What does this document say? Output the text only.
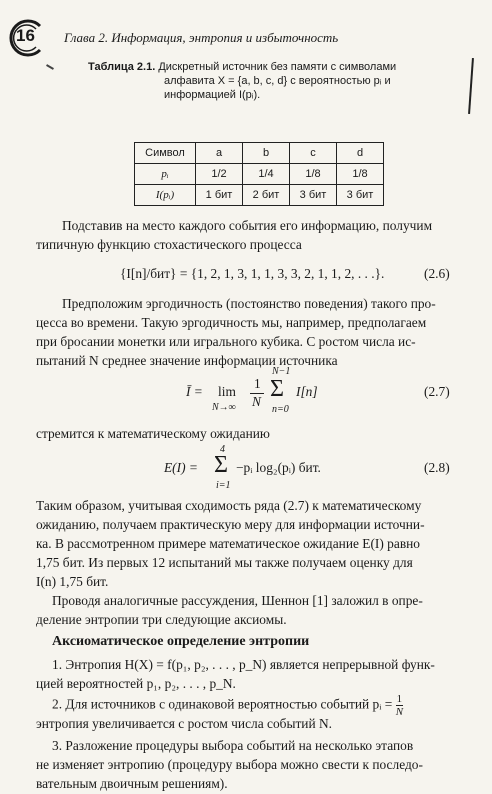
16 Глава 2. Информация, энтропия и избыточность
Таблица 2.1. Дискретный источник без памяти с символами
алфавита X = {a, b, c, d} с вероятностью pᵢ и
информацией I(pᵢ).
Символ	a	b	c	d
pᵢ	1/2	1/4	1/8	1/8
I(pᵢ)	1 бит	2 бит	3 бит	3 бит
Подставив на место каждого события его информацию, получим
типичную функцию стохастического процесса
{I[n]/бит} = {1, 2, 1, 3, 1, 1, 3, 3, 2, 1, 1, 2, . . .}.	(2.6)
Предположим эргодичность (постоянство поведения) такого про-
цесса во времени. Такую эргодичность мы, например, предполагаем
при бросании монетки или игрального кубика. С ростом числа ис-
пытаний N среднее значение информации источника
Ī = lim
N→∞
1
N
N−1
Σ
n=0
I[n]	(2.7)
стремится к математическому ожиданию
E(I) =
4
Σ
i=1
−pᵢ log₂(pᵢ) бит.	(2.8)
Таким образом, учитывая сходимость ряда (2.7) к математическому
ожиданию, получаем практическую меру для информации источни-
ка. В рассмотренном примере математическое ожидание E(I) равно
1,75 бит. Из первых 12 испытаний мы также получаем оценку для
I(n) 1,75 бит.
Проводя аналогичные рассуждения, Шеннон [1] заложил в опре-
деление энтропии три следующие аксиомы.
Аксиоматическое определение энтропии
1. Энтропия H(X) = f(p₁, p₂, . . . , p_N) является непрерывной функ-
цией вероятностей p₁, p₂, . . . , p_N.
2. Для источников с одинаковой вероятностью событий pᵢ = $\frac{1}{N}$
энтропия увеличивается с ростом числа событий N.
3. Разложение процедуры выбора событий на несколько этапов
не изменяет энтропию (процедуру выбора можно свести к последо-
вательным двоичным решениям).
